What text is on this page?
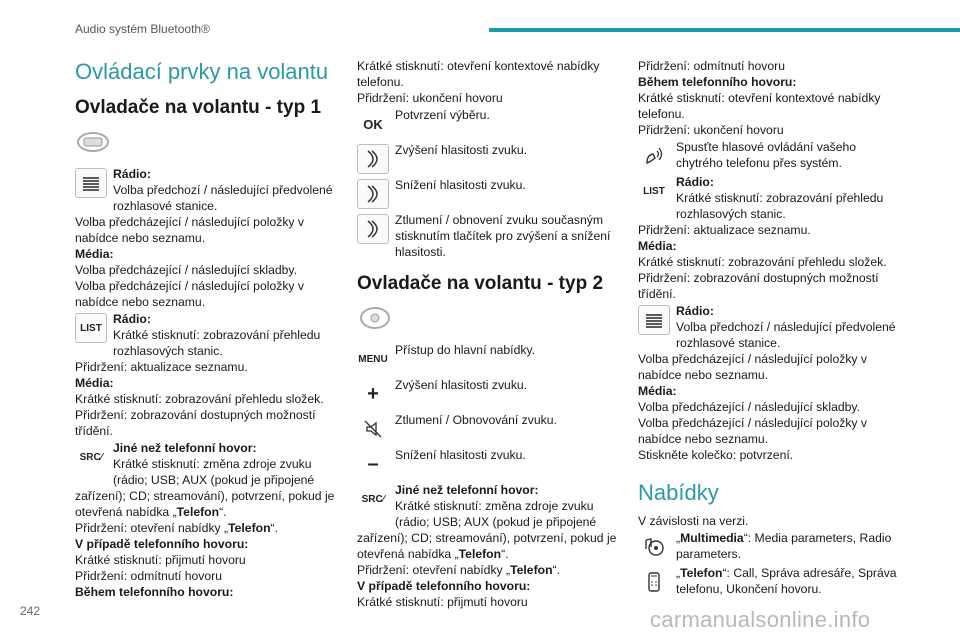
Audio systém Bluetooth®
Ovládací prvky na volantu
Ovladače na volantu - typ 1

Rádio:

Volba předchozí / následující předvolené rozhlasové stanice.

Volba předcházející / následující položky v nabídce nebo seznamu.

Média:

Volba předcházející / následující skladby.

Volba předcházející / následující položky v nabídce nebo seznamu.

LIST

Rádio:

Krátké stisknutí: zobrazování přehledu rozhlasových stanic.

Přidržení: aktualizace seznamu.

Média:

Krátké stisknutí: zobrazování přehledu složek.

Přidržení: zobrazování dostupných možností třídění.

SRC ∕

Jiné než telefonní hovor:

Krátké stisknutí: změna zdroje zvuku (rádio; USB; AUX (pokud je připojené zařízení); CD; streamování), potvrzení, pokud je otevřená nabídka „Telefon“.

Přidržení: otevření nabídky „Telefon“.

V případě telefonního hovoru:

Krátké stisknutí: přijmutí hovoru

Přidržení: odmítnutí hovoru

Během telefonního hovoru:

Krátké stisknutí: otevření kontextové nabídky telefonu.

Přidržení: ukončení hovoru

OK

Potvrzení výběru.

Zvýšení hlasitosti zvuku.

Snížení hlasitosti zvuku.

Ztlumení / obnovení zvuku současným stisknutím tlačítek pro zvýšení a snížení hlasitosti.

Ovladače na volantu - typ 2
MENU

Přístup do hlavní nabídky.

+	Zvýšení hlasitosti zvuku.

Ztlumení / Obnovování zvuku.

–	Snížení hlasitosti zvuku.

SRC ∕

Jiné než telefonní hovor:

Krátké stisknutí: změna zdroje zvuku (rádio; USB; AUX (pokud je připojené zařízení); CD; streamování), potvrzení, pokud je otevřená nabídka „Telefon“.

Přidržení: otevření nabídky „Telefon“.

V případě telefonního hovoru:

Krátké stisknutí: přijmutí hovoru

Přidržení: odmítnutí hovoru

Během telefonního hovoru:

Krátké stisknutí: otevření kontextové nabídky telefonu.

Přidržení: ukončení hovoru

Spusťte hlasové ovládání vašeho chytrého telefonu přes systém.

LIST

Rádio:

Krátké stisknutí: zobrazování přehledu rozhlasových stanic.

Přidržení: aktualizace seznamu.

Média:

Krátké stisknutí: zobrazování přehledu složek.

Přidržení: zobrazování dostupných možností třídění.

Rádio:

Volba předchozí / následující předvolené rozhlasové stanice.

Volba předcházející / následující položky v nabídce nebo seznamu.

Média:

Volba předcházející / následující skladby.

Volba předcházející / následující položky v nabídce nebo seznamu.

Stiskněte kolečko: potvrzení.

Nabídky

V závislosti na verzi.

„Multimedia“: Media parameters, Radio parameters.

„Telefon“: Call, Správa adresáře, Správa telefonu, Ukončení hovoru.

242	carmanualsonline.info
